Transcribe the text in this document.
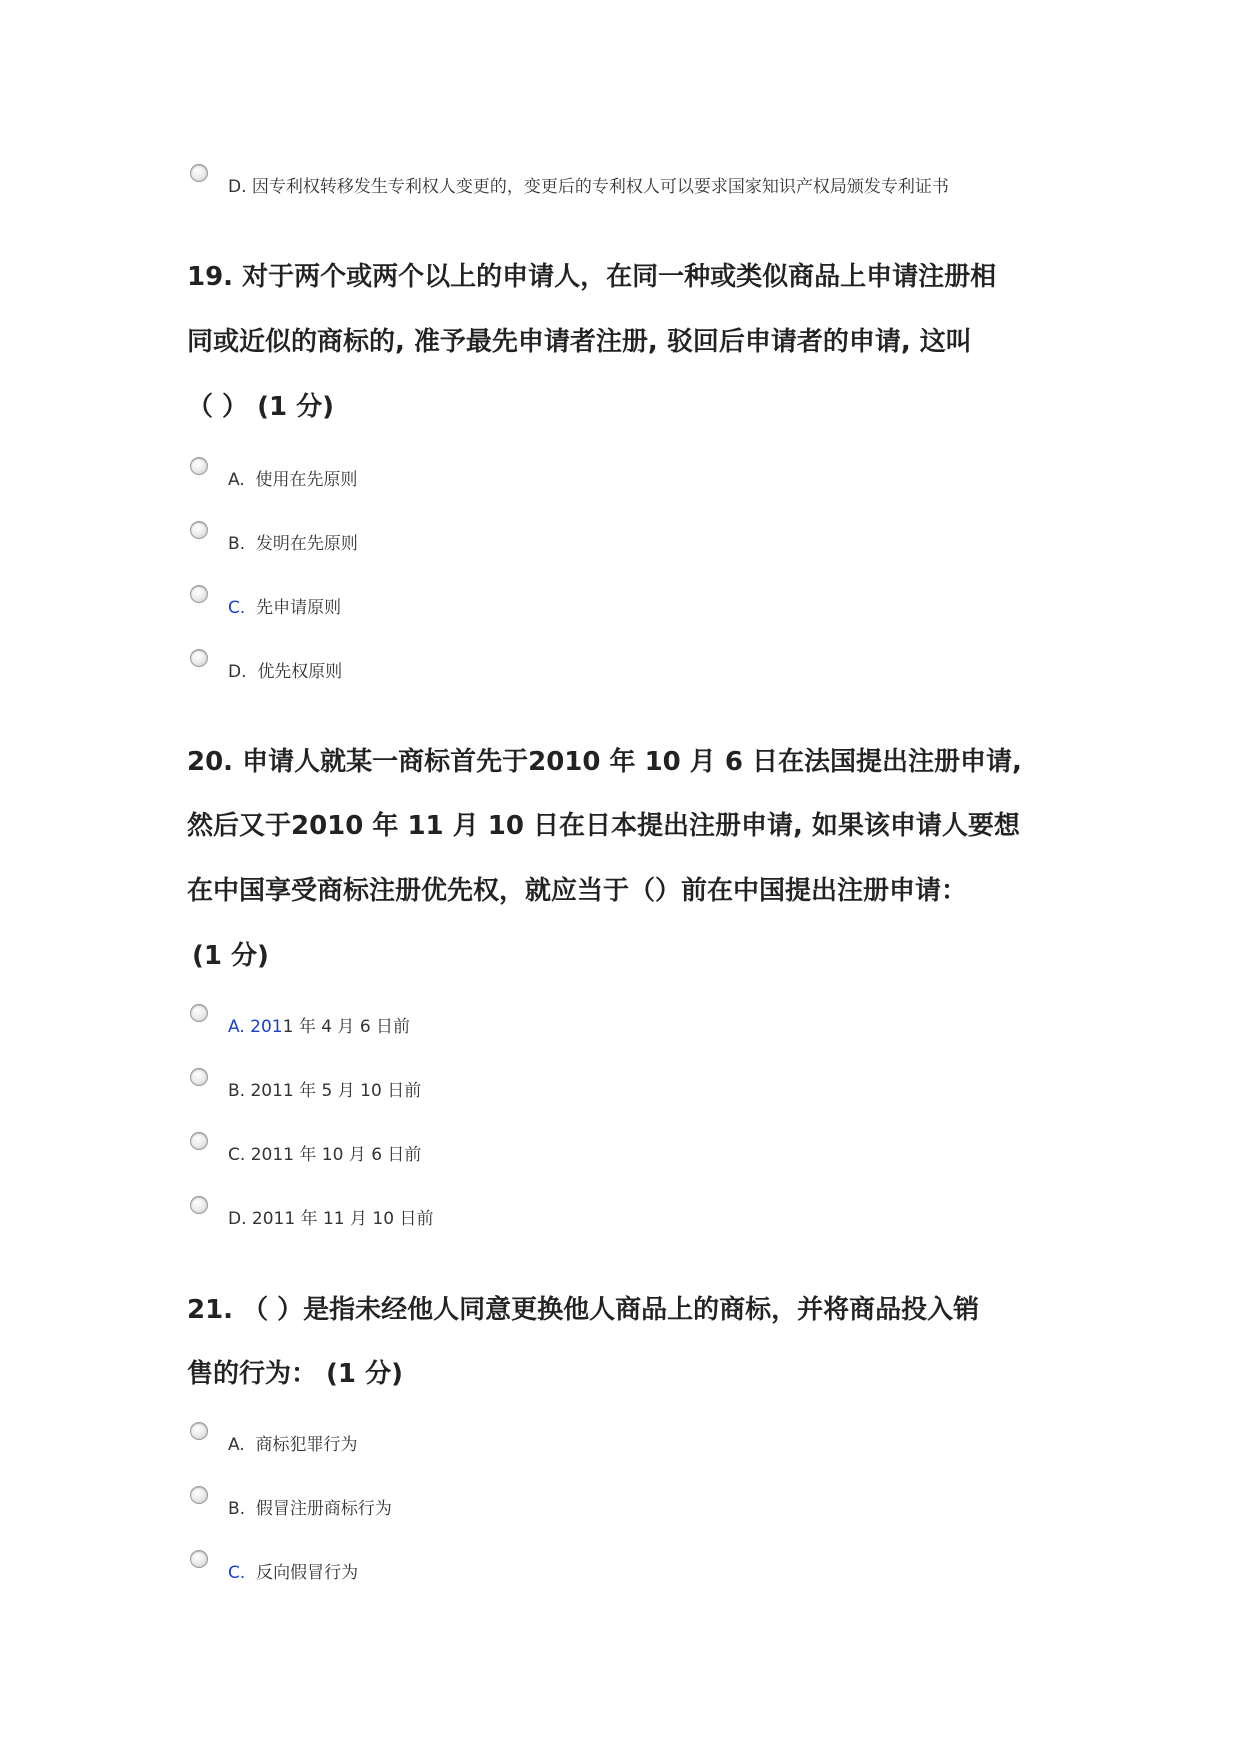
D. 因专利权转移发生专利权人变更的，变更后的专利权人可以要求国家知识产权局颁发专利证书
19. 对于两个或两个以上的申请人，在同一种或类似商品上申请注册相
同或近似的商标的, 准予最先申请者注册, 驳回后申请者的申请, 这叫
（ ） (1 分)
A. 使用在先原则
B. 发明在先原则
C. 先申请原则
D. 优先权原则
20. 申请人就某一商标首先于2010 年 10 月 6 日在法国提出注册申请,
然后又于2010 年 11 月 10 日在日本提出注册申请, 如果该申请人要想
在中国享受商标注册优先权，就应当于（）前在中国提出注册申请：
(1 分)
A. 2011 年 4 月 6 日前
B. 2011 年 5 月 10 日前
C. 2011 年 10 月 6 日前
D. 2011 年 11 月 10 日前
21. （ ）是指未经他人同意更换他人商品上的商标，并将商品投入销
售的行为： (1 分)
A. 商标犯罪行为
B. 假冒注册商标行为
C. 反向假冒行为
